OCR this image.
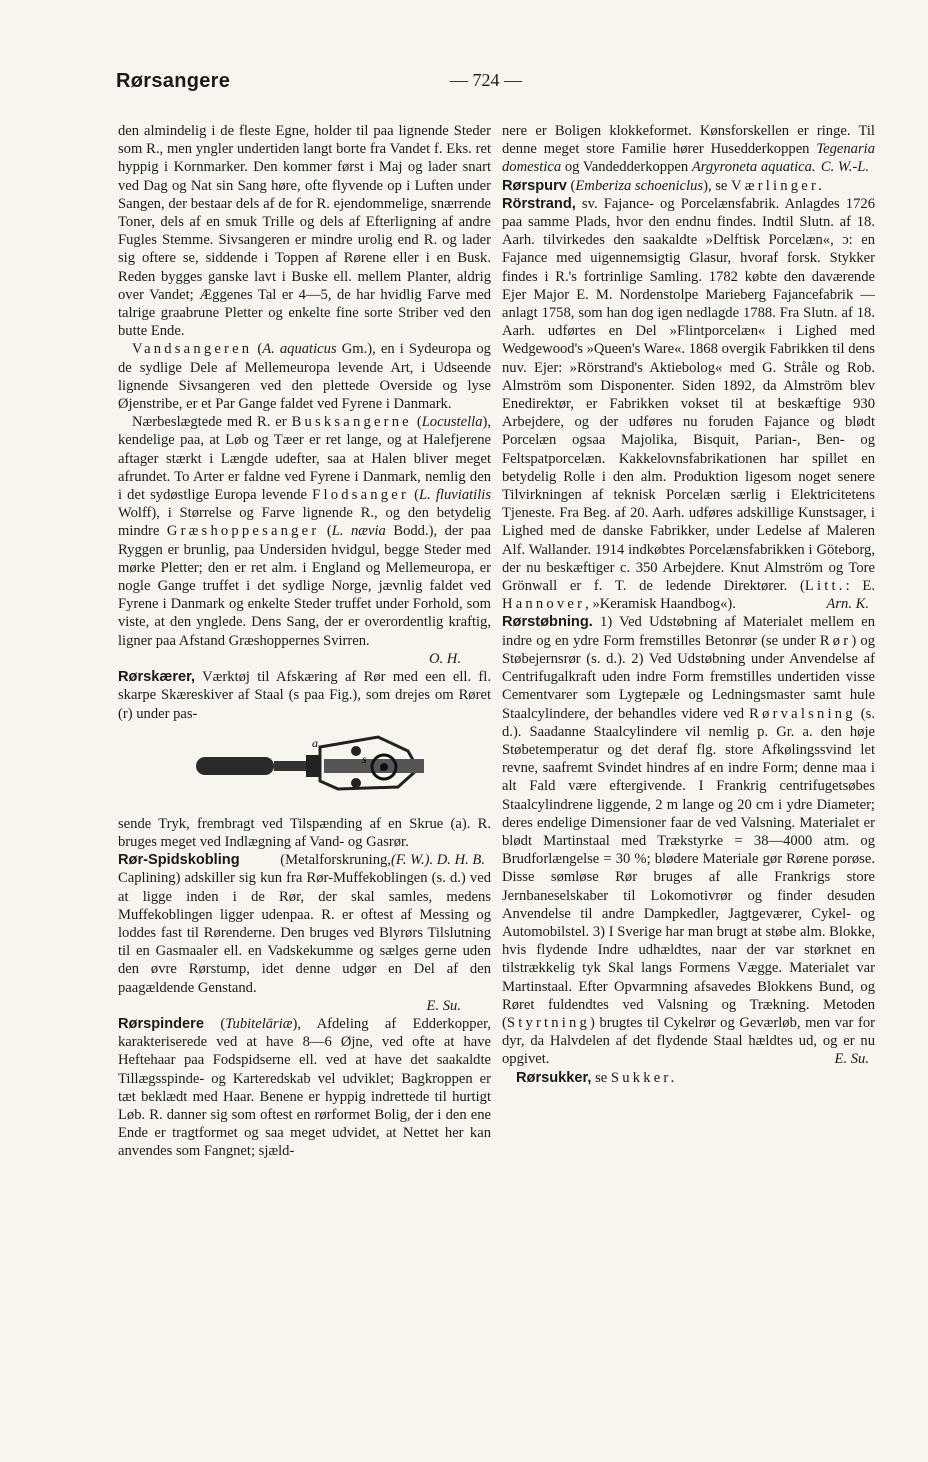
Rørsangere	— 724 —

den almindelig i de fleste Egne, holder til paa lignende Steder som R., men yngler undertiden langt borte fra Vandet f. Eks. ret hyppig i Kornmarker. Den kommer først i Maj og lader snart ved Dag og Nat sin Sang høre, ofte flyvende op i Luften under Sangen, der bestaar dels af de for R. ejendommelige, snærrende Toner, dels af en smuk Trille og dels af Efterligning af andre Fugles Stemme. Sivsangeren er mindre urolig end R. og lader sig oftere se, siddende i Toppen af Rørene eller i en Busk. Reden bygges ganske lavt i Buske ell. mellem Planter, aldrig over Vandet; Æggenes Tal er 4—5, de har hvidlig Farve med talrige graabrune Pletter og enkelte fine sorte Striber ved den butte Ende.

Vandsangeren (A. aquaticus Gm.), en i Sydeuropa og de sydlige Dele af Mellemeuropa levende Art, i Udseende lignende Sivsangeren ved den plettede Overside og lyse Øjenstribe, er et Par Gange faldet ved Fyrene i Danmark.

Nærbeslægtede med R. er Busksangerne (Locustella), kendelige paa, at Løb og Tæer er ret lange, og at Halefjerene aftager stærkt i Længde udefter, saa at Halen bliver meget afrundet. To Arter er faldne ved Fyrene i Danmark, nemlig den i det sydøstlige Europa levende Flodsanger (L. fluviatilis Wolff), i Størrelse og Farve lignende R., og den betydelig mindre Græshoppesanger (L. nævia Bodd.), der paa Ryggen er brunlig, paa Undersiden hvidgul, begge Steder med mørke Pletter; den er ret alm. i England og Mellemeuropa, er nogle Gange truffet i det sydlige Norge, jævnlig faldet ved Fyrene i Danmark og enkelte Steder truffet under Forhold, som viste, at den ynglede. Dens Sang, der er overordentlig kraftig, ligner paa Afstand Græshoppernes Svirren.

O. H.

Rørskærer, Værktøj til Afskæring af Rør med een ell. fl. skarpe Skæreskiver af Staal (s paa Fig.), som drejes om Røret (r) under pas-

a
s
r

sende Tryk, frembragt ved Tilspænding af en Skrue (a). R. bruges meget ved Indlægning af Vand- og Gasrør.
(F. W.). D. H. B.

Rør-Spidskobling (Metalforskruning, Caplining) adskiller sig kun fra Rør-Muffekoblingen (s. d.) ved at ligge inden i de Rør, der skal samles, medens Muffekoblingen ligger udenpaa. R. er oftest af Messing og loddes fast til Rørenderne. Den bruges ved Blyrørs Tilslutning til en Gasmaaler ell. en Vadskekumme og sælges gerne uden den øvre Rørstump, idet denne udgør en Del af den paagældende Genstand.

E. Su.

Rørspindere (Tubitelāriæ), Afdeling af Edderkopper, karakteriserede ved at have 8—6 Øjne, ved ofte at have Heftehaar paa Fodspidserne ell. ved at have det saakaldte Tillægsspinde- og Karteredskab vel udviklet; Bagkroppen er tæt beklædt med Haar. Benene er hyppig indrettede til hurtigt Løb. R. danner sig som oftest en rørformet Bolig, der i den ene Ende er tragtformet og saa meget udvidet, at Nettet her kan anvendes som Fangnet; sjæld-

nere er Boligen klokkeformet. Kønsforskellen er ringe. Til denne meget store Familie hører Husedderkoppen Tegenaria domestica og Vandedderkoppen Argyroneta aquatica. C. W.-L.

Rørspurv (Emberiza schoeniclus), se Værlinger.

Rörstrand, sv. Fajance- og Porcelænsfabrik. Anlagdes 1726 paa samme Plads, hvor den endnu findes. Indtil Slutn. af 18. Aarh. tilvirkedes den saakaldte »Delftisk Porcelæn«, ɔ: en Fajance med uigennemsigtig Glasur, hvoraf forsk. Stykker findes i R.'s fortrinlige Samling. 1782 købte den daværende Ejer Major E. M. Nordenstolpe Marieberg Fajancefabrik — anlagt 1758, som han dog igen nedlagde 1788. Fra Slutn. af 18. Aarh. udførtes en Del »Flintporcelæn« i Lighed med Wedgewood's »Queen's Ware«. 1868 overgik Fabrikken til dens nuv. Ejer: »Rörstrand's Aktiebolog« med G. Stråle og Rob. Almström som Disponenter. Siden 1892, da Almström blev Enedirektør, er Fabrikken vokset til at beskæftige 930 Arbejdere, og der udføres nu foruden Fajance og blødt Porcelæn ogsaa Majolika, Bisquit, Parian-, Ben- og Feltspatporcelæn. Kakkelovnsfabrikationen har spillet en betydelig Rolle i den alm. Produktion ligesom noget senere Tilvirkningen af teknisk Porcelæn særlig i Elektricitetens Tjeneste. Fra Beg. af 20. Aarh. udføres adskillige Kunstsager, i Lighed med de danske Fabrikker, under Ledelse af Maleren Alf. Wallander. 1914 indkøbtes Porcelænsfabrikken i Göteborg, der nu beskæftiger c. 350 Arbejdere. Knut Almström og Tore Grönwall er f. T. de ledende Direktører. (Litt.: E. Hannover, »Keramisk Haandbog«).	Arn. K.

Rørstøbning. 1) Ved Udstøbning af Materialet mellem en indre og en ydre Form fremstilles Betonrør (se under Rør) og Støbejernsrør (s. d.). 2) Ved Udstøbning under Anvendelse af Centrifugalkraft uden indre Form fremstilles undertiden visse Cementvarer som Lygtepæle og Ledningsmaster samt hule Staalcylindere, der behandles videre ved Rørvalsning (s. d.). Saadanne Staalcylindere vil nemlig p. Gr. a. den høje Støbetemperatur og det deraf flg. store Afkølingssvind let revne, saafremt Svindet hindres af en indre Form; denne maa i alt Fald være eftergivende. I Frankrig centrifugetsøbes Staalcylindrene liggende, 2 m lange og 20 cm i ydre Diameter; deres endelige Dimensioner faar de ved Valsning. Materialet er blødt Martinstaal med Trækstyrke = 38—4000 atm. og Brudforlængelse = 30 %; blødere Materiale gør Rørene porøse. Disse sømløse Rør bruges af alle Frankrigs store Jernbaneselskaber til Lokomotivrør og finder desuden Anvendelse til andre Dampkedler, Jagtgeværer, Cykel- og Automobilstel. 3) I Sverige har man brugt at støbe alm. Blokke, hvis flydende Indre udhældtes, naar der var størknet en tilstrækkelig tyk Skal langs Formens Vægge. Materialet var Martinstaal. Efter Opvarmning afsavedes Blokkens Bund, og Røret fuldendtes ved Valsning og Trækning. Metoden (Styrtning) brugtes til Cykelrør og Geværløb, men var for dyr, da Halvdelen af det flydende Staal hældtes ud, og er nu opgivet.	E. Su.

Rørsukker, se Sukker.
